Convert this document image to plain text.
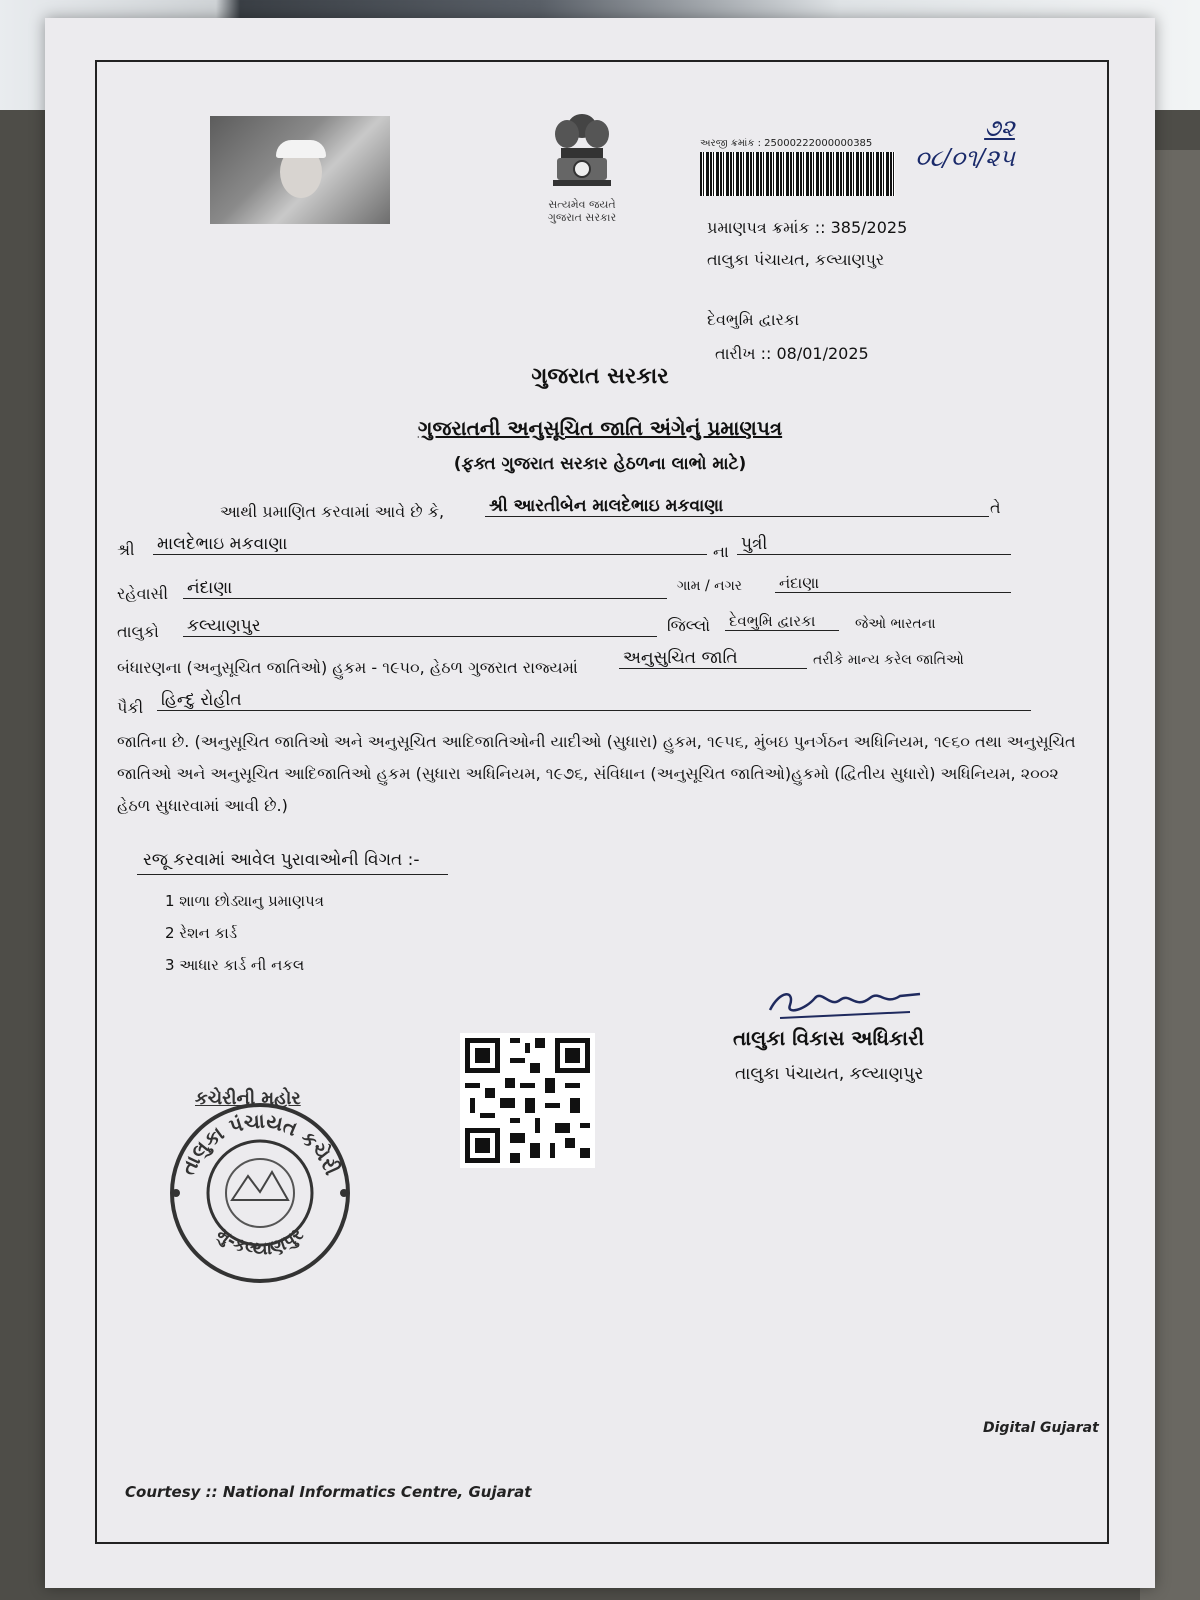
સત્યમેવ જયતે
ગુજરાત સરકાર
અરજી ક્રમાંક : 25000222000000385
૭૨
૦૮/૦૧/૨૫
પ્રમાણપત્ર ક્રમાંક :: 385/2025
તાલુકા પંચાયત, કલ્યાણપુર
દેવભુમિ દ્વારકા
તારીખ :: 08/01/2025
ગુજરાત સરકાર
ગુજરાતની અનુસૂચિત જાતિ અંગેનું પ્રમાણપત્ર
(ફક્ત ગુજરાત સરકાર હેઠળના લાભો માટે)
આથી પ્રમાણિત કરવામાં આવે છે કે,	શ્રી આરતીબેન માલદેભાઇ મકવાણા	તે
શ્રી માલદેભાઇ મકવાણા	ના પુત્રી
રહેવાસી નંદાણા	ગામ / નગર નંદાણા
તાલુકો કલ્યાણપુર	જિલ્લો દેવભુમિ દ્વારકા	જેઓ ભારતના
બંધારણના (અનુસૂચિત જાતિઓ) હુકમ - ૧૯૫૦, હેઠળ ગુજરાત રાજ્યમાં	અનુસુચિત જાતિ	તરીકે માન્ય કરેલ જાતિઓ
પૈકી હિન્દુ રોહીત
જાતિના છે. (અનુસૂચિત જાતિઓ અને અનુસૂચિત આદિજાતિઓની યાદીઓ (સુધારા) હુકમ, ૧૯૫૬, મુંબઇ પુનર્ગઠન અધિનિયમ, ૧૯૬૦ તથા અનુસૂચિત જાતિઓ અને અનુસૂચિત આદિજાતિઓ હુકમ (સુધારા અધિનિયમ, ૧૯૭૬, સંવિધાન (અનુસૂચિત જાતિઓ)હુકમો (દ્વિતીય સુધારો) અધિનિયમ, ૨૦૦૨ હેઠળ સુધારવામાં આવી છે.)
રજૂ કરવામાં આવેલ પુરાવાઓની વિગત :-
1 શાળા છોડ્યાનુ પ્રમાણપત્ર
2 રેશન કાર્ડ
3 આધાર કાર્ડ ની નકલ
કચેરીની મહોર
તાલુકા પંચાયત કચેરી
મુ-કલ્યાણપુર
તાલુકા વિકાસ અધિકારી
તાલુકા પંચાયત, કલ્યાણપુર
Digital Gujarat
Courtesy :: National Informatics Centre, Gujarat
